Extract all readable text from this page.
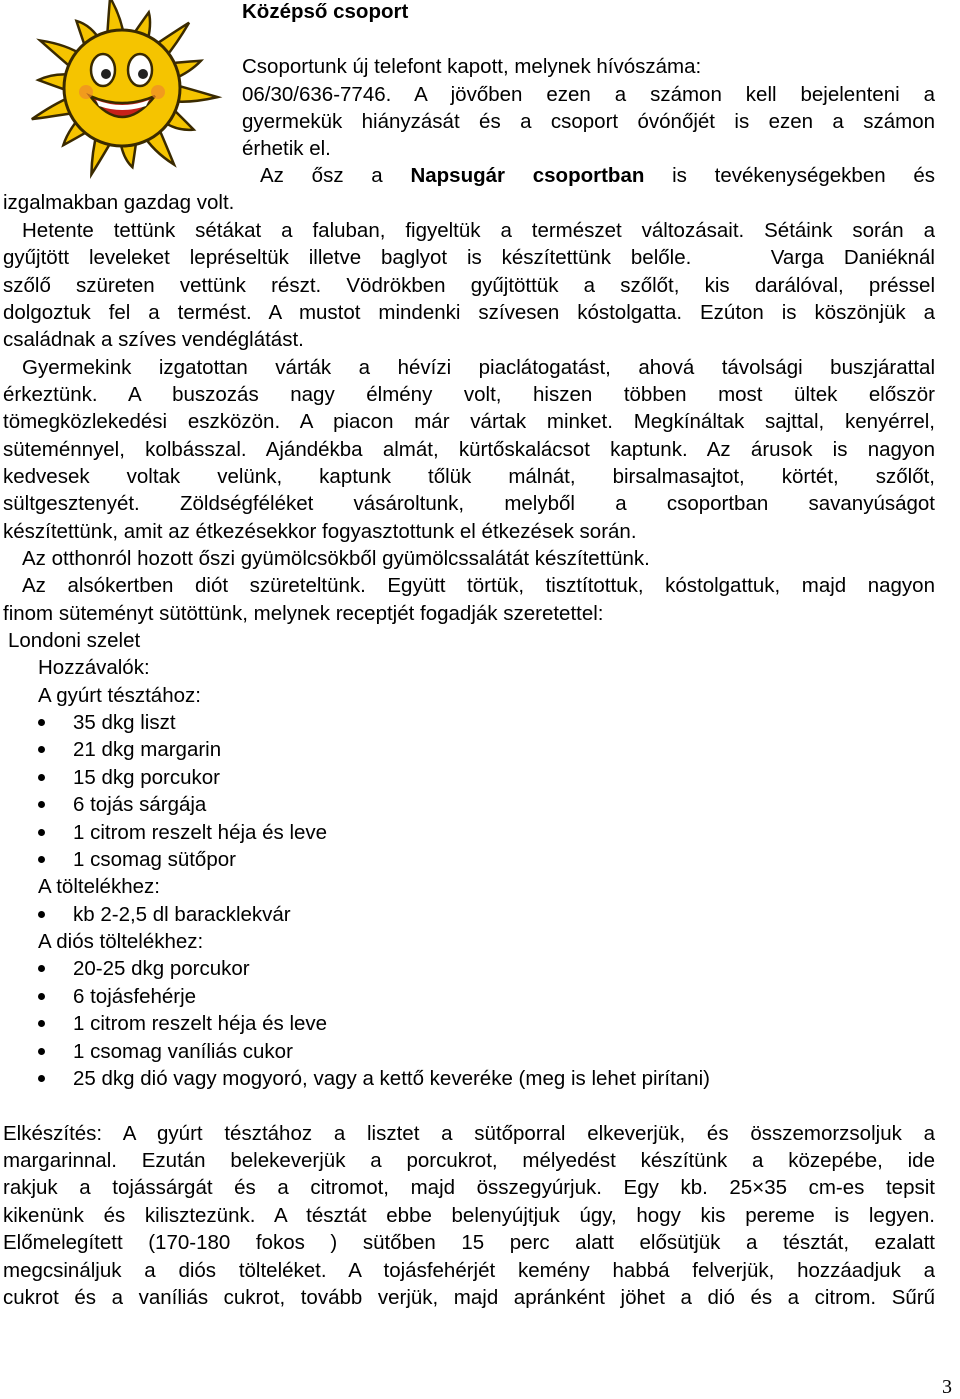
Középső csoport
Csoportunk új telefont kapott, melynek hívószáma:
06/30/636-7746. A jövőben ezen a számon kell bejelenteni a
gyermekük hiányzását és a csoport óvónőjét is ezen a számon
érhetik el.
Az ősz a Napsugár csoportban is tevékenységekben és
izgalmakban gazdag volt.
Hetente tettünk sétákat a faluban, figyeltük a természet változásait. Sétáink során a
gyűjtött leveleket lepréseltük illetve baglyot is készítettünk belőle.    Varga Daniéknál
szőlő szüreten vettünk részt. Vödrökben gyűjtöttük a szőlőt, kis darálóval, préssel
dolgoztuk fel a termést. A mustot mindenki szívesen kóstolgatta. Ezúton is köszönjük a
családnak a szíves vendéglátást.
Gyermekink izgatottan várták a hévízi piaclátogatást, ahová távolsági buszjárattal
érkeztünk. A buszozás nagy élmény volt, hiszen többen most ültek először
tömegközlekedési eszközön. A piacon már vártak minket. Megkínáltak sajttal, kenyérrel,
süteménnyel, kolbásszal. Ajándékba almát, kürtőskalácsot kaptunk. Az árusok is nagyon
kedvesek voltak velünk, kaptunk tőlük málnát, birsalmasajtot, körtét, szőlőt,
sültgesztenyét. Zöldségféléket vásároltunk, melyből a csoportban savanyúságot
készítettünk, amit az étkezésekkor fogyasztottunk el étkezések során.
Az otthonról hozott őszi gyümölcsökből gyümölcssalátát készítettünk.
Az alsókertben diót szüreteltünk. Együtt törtük, tisztítottuk, kóstolgattuk, majd nagyon
finom süteményt sütöttünk, melynek receptjét fogadják szeretettel:
Londoni szelet
Hozzávalók:
A gyúrt tésztához:
35 dkg liszt
21 dkg margarin
15 dkg porcukor
6 tojás sárgája
1 citrom reszelt héja és leve
1 csomag sütőpor
A töltelékhez:
kb 2-2,5 dl baracklekvár
A diós töltelékhez:
20-25 dkg porcukor
6 tojásfehérje
1 citrom reszelt héja és leve
1 csomag vaníliás cukor
25 dkg dió vagy mogyoró, vagy a kettő keveréke (meg is lehet pirítani)
Elkészítés: A gyúrt tésztához a lisztet a sütőporral elkeverjük, és összemorzsoljuk a
margarinnal. Ezután belekeverjük a porcukrot, mélyedést készítünk a közepébe, ide
rakjuk a tojássárgát és a citromot, majd összegyúrjuk. Egy kb. 25×35 cm-es tepsit
kikenünk és kilisztezünk. A tésztát ebbe belenyújtjuk úgy, hogy kis pereme is legyen.
Előmelegített (170-180 fokos ) sütőben 15 perc alatt elősütjük a tésztát, ezalatt
megcsináljuk a diós tölteléket. A tojásfehérjét kemény habbá felverjük, hozzáadjuk a
cukrot és a vaníliás cukrot, tovább verjük, majd apránként jöhet a dió és a citrom. Sűrű
3
